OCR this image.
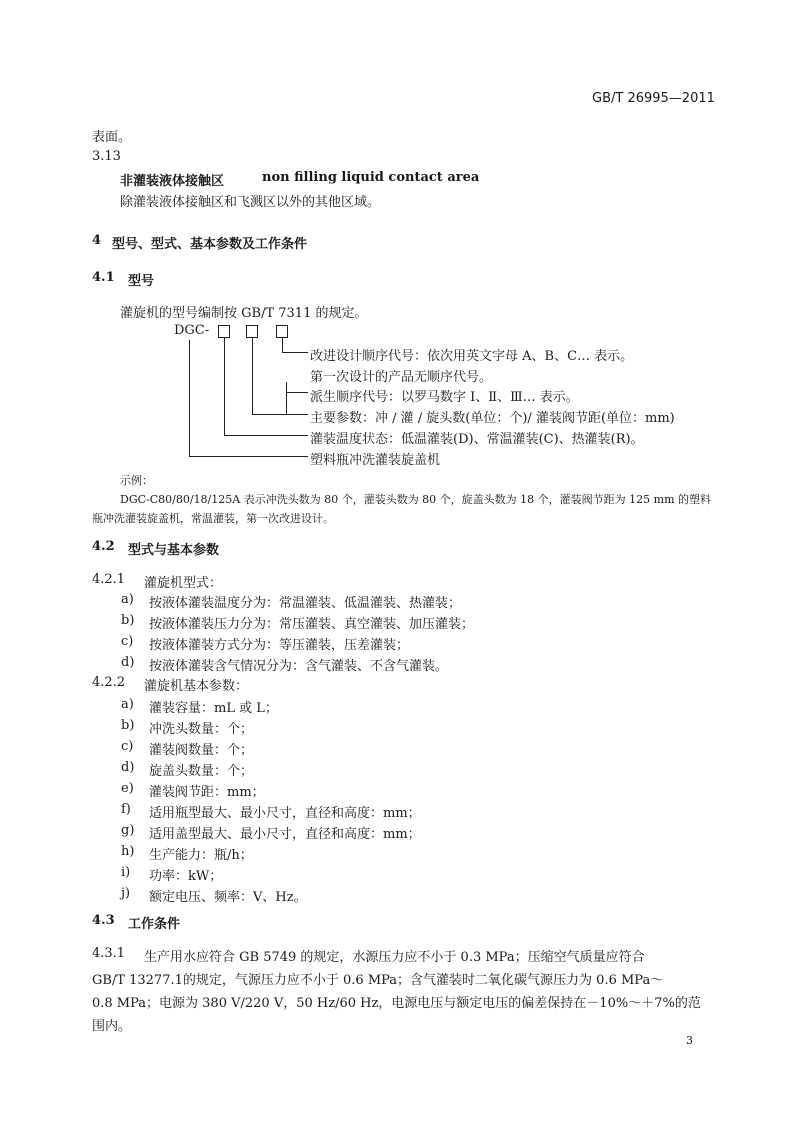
GB/T 26995—2011
表面。
3.13
非灌装液体接触区	non filling liquid contact area
除灌装液体接触区和飞溅区以外的其他区域。
4 型号、型式、基本参数及工作条件
4.1 型号
灌旋机的型号编制按 GB/T 7311 的规定。
DGC-
改进设计顺序代号：依次用英文字母 A、B、C… 表示。
第一次设计的产品无顺序代号。
派生顺序代号：以罗马数字 Ⅰ、Ⅱ、Ⅲ… 表示。
主要参数：冲 / 灌 / 旋头数(单位：个)/ 灌装阀节距(单位：mm)
灌装温度状态：低温灌装(D)、常温灌装(C)、热灌装(R)。
塑料瓶冲洗灌装旋盖机
示例：
DGC-C80/80/18/125A 表示冲洗头数为 80 个，灌装头数为 80 个，旋盖头数为 18 个，灌装阀节距为 125 mm 的塑料
瓶冲洗灌装旋盖机，常温灌装，第一次改进设计。
4.2 型式与基本参数
4.2.1 灌旋机型式：
a) 按液体灌装温度分为：常温灌装、低温灌装、热灌装；
b) 按液体灌装压力分为：常压灌装、真空灌装、加压灌装；
c) 按液体灌装方式分为：等压灌装，压差灌装；
d) 按液体灌装含气情况分为：含气灌装、不含气灌装。
4.2.2 灌旋机基本参数：
a) 灌装容量：mL 或 L；
b) 冲洗头数量：个；
c) 灌装阀数量：个；
d) 旋盖头数量：个；
e) 灌装阀节距：mm；
f) 适用瓶型最大、最小尺寸，直径和高度：mm；
g) 适用盖型最大、最小尺寸，直径和高度：mm；
h) 生产能力：瓶/h；
i) 功率：kW；
j) 额定电压、频率：V、Hz。
4.3 工作条件
4.3.1 生产用水应符合 GB 5749 的规定，水源压力应不小于 0.3 MPa；压缩空气质量应符合
GB/T 13277.1的规定，气源压力应不小于 0.6 MPa；含气灌装时二氧化碳气源压力为 0.6 MPa～
0.8 MPa；电源为 380 V/220 V，50 Hz/60 Hz，电源电压与额定电压的偏差保持在－10%～＋7%的范
围内。
3
